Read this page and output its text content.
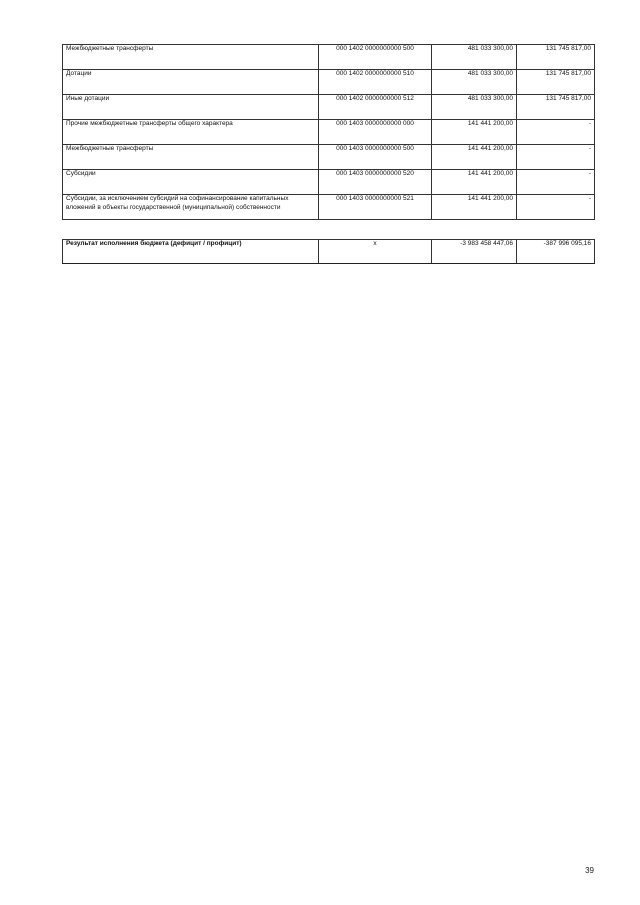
Межбюджетные трансферты	000 1402 0000000000 500	481 033 300,00	131 745 817,00
Дотации	000 1402 0000000000 510	481 033 300,00	131 745 817,00
Иные дотации	000 1402 0000000000 512	481 033 300,00	131 745 817,00
Прочие межбюджетные трансферты общего характера	000 1403 0000000000 000	141 441 200,00	-
Межбюджетные трансферты	000 1403 0000000000 500	141 441 200,00	-
Субсидии	000 1403 0000000000 520	141 441 200,00	-
Субсидии, за исключением субсидий на софинансирование капитальных вложений в объекты государственной (муниципальной) собственности	000 1403 0000000000 521	141 441 200,00	-
Результат исполнения бюджета (дефицит / профицит)	x	-3 983 458 447,06	-387 996 095,16
39
